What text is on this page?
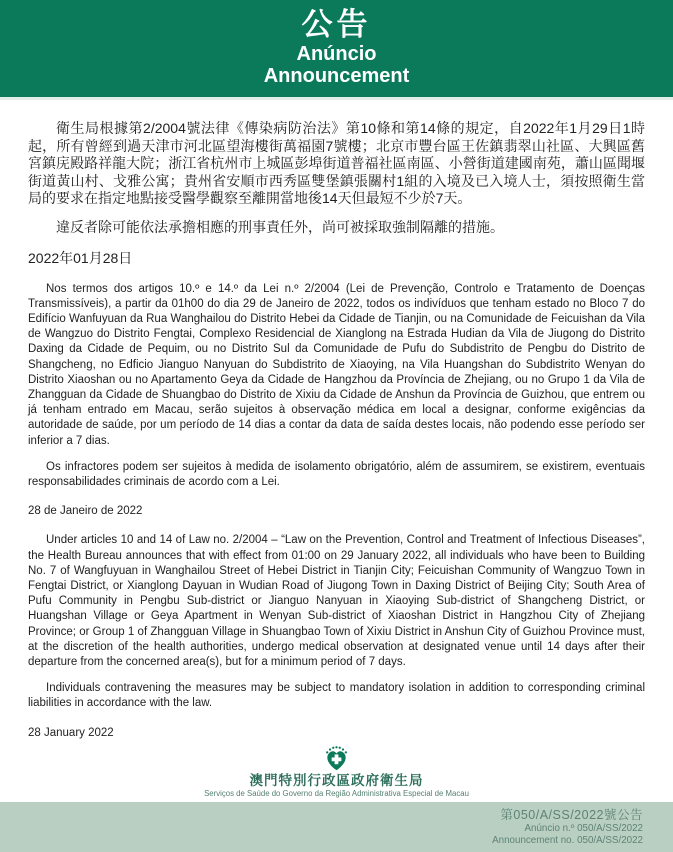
公告
Anúncio
Announcement

衛生局根據第2/2004號法律《傳染病防治法》第10條和第14條的規定，自2022年1月29日1時起，所有曾經到過天津市河北區望海樓街萬福園7號樓；北京市豐台區王佐鎮翡翠山社區、大興區舊宮鎮庑殿路祥龍大院；浙江省杭州市上城區彭埠街道普福社區南區、小營街道建國南苑，蕭山區聞堰街道黃山村、戈雅公寓；貴州省安順市西秀區雙堡鎮張關村1組的入境及已入境人士，須按照衛生當局的要求在指定地點接受醫學觀察至離開當地後14天但最短不少於7天。

違反者除可能依法承擔相應的刑事責任外，尚可被採取強制隔離的措施。

2022年01月28日

Nos termos dos artigos 10.º e 14.º da Lei n.º 2/2004 (Lei de Prevenção, Controlo e Tratamento de Doenças Transmissíveis), a partir da 01h00 do dia 29 de Janeiro de 2022, todos os indivíduos que tenham estado no Bloco 7 do Edifício Wanfuyuan da Rua Wanghailou do Distrito Hebei da Cidade de Tianjin, ou na Comunidade de Feicuishan da Vila de Wangzuo do Distrito Fengtai, Complexo Residencial de Xianglong na Estrada Hudian da Vila de Jiugong do Distrito Daxing da Cidade de Pequim, ou no Distrito Sul da Comunidade de Pufu do Subdistrito de Pengbu do Distrito de Shangcheng, no Edficio Jianguo Nanyuan do Subdistrito de Xiaoying, na Vila Huangshan do Subdistrito Wenyan do Distrito Xiaoshan ou no Apartamento Geya da Cidade de Hangzhou da Província de Zhejiang, ou no Grupo 1 da Vila de Zhangguan da Cidade de Shuangbao do Distrito de Xixiu da Cidade de Anshun da Província de Guizhou, que entrem ou já tenham entrado em Macau, serão sujeitos à observação médica em local a designar, conforme exigências da autoridade de saúde, por um período de 14 dias a contar da data de saída destes locais, não podendo esse período ser inferior a 7 dias.

Os infractores podem ser sujeitos à medida de isolamento obrigatório, além de assumirem, se existirem, eventuais responsabilidades criminais de acordo com a Lei.

28 de Janeiro de 2022

Under articles 10 and 14 of Law no. 2/2004 – “Law on the Prevention, Control and Treatment of Infectious Diseases”, the Health Bureau announces that with effect from 01:00 on 29 January 2022, all individuals who have been to Building No. 7 of Wangfuyuan in Wanghailou Street of Hebei District in Tianjin City; Feicuishan Community of Wangzuo Town in Fengtai District, or Xianglong Dayuan in Wudian Road of Jiugong Town in Daxing District of Beijing City; South Area of Pufu Community in Pengbu Sub-district or Jianguo Nanyuan in Xiaoying Sub-district of Shangcheng District, or Huangshan Village or Geya Apartment in Wenyan Sub-district of Xiaoshan District in Hangzhou City of Zhejiang Province; or Group 1 of Zhangguan Village in Shuangbao Town of Xixiu District in Anshun City of Guizhou Province must, at the discretion of the health authorities, undergo medical observation at designated venue until 14 days after their departure from the concerned area(s), but for a minimum period of 7 days.

Individuals contravening the measures may be subject to mandatory isolation in addition to corresponding criminal liabilities in accordance with the law.

28 January 2022

澳門特別行政區政府衛生局
Serviços de Saúde do Governo da Região Administrativa Especial de Macau
第050/A/SS/2022號公告
Anúncio n.º 050/A/SS/2022
Announcement no. 050/A/SS/2022
